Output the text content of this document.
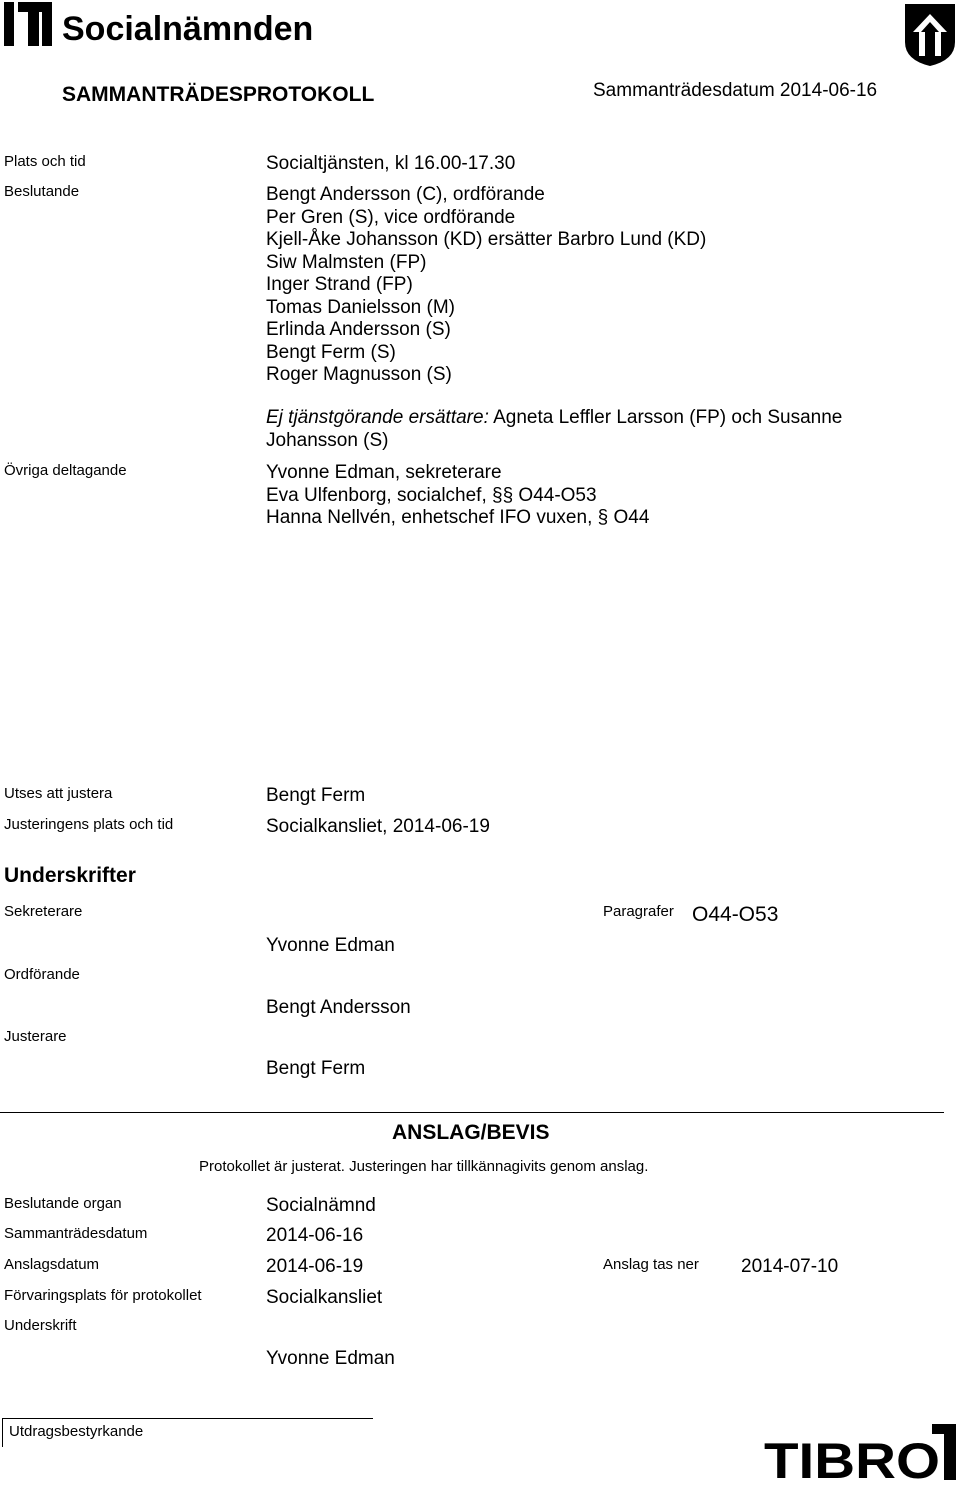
Socialnämnden
SAMMANTRÄDESPROTOKOLL	Sammanträdesdatum 2014-06-16
Plats och tid	Socialtjänsten, kl 16.00-17.30
Beslutande	Bengt Andersson (C), ordförande
Per Gren (S), vice ordförande
Kjell-Åke Johansson (KD) ersätter Barbro Lund (KD)
Siw Malmsten (FP)
Inger Strand (FP)
Tomas Danielsson (M)
Erlinda Andersson (S)
Bengt Ferm (S)
Roger Magnusson (S)
Ej tjänstgörande ersättare: Agneta Leffler Larsson (FP) och Susanne Johansson (S)
Övriga deltagande	Yvonne Edman, sekreterare
Eva Ulfenborg, socialchef, §§ O44-O53
Hanna Nellvén, enhetschef IFO vuxen, § O44
Utses att justera	Bengt Ferm
Justeringens plats och tid	Socialkansliet, 2014-06-19
Underskrifter
Sekreterare	Paragrafer O44-O53
Yvonne Edman
Ordförande
Bengt Andersson
Justerare
Bengt Ferm
ANSLAG/BEVIS
Protokollet är justerat. Justeringen har tillkännagivits genom anslag.
Beslutande organ	Socialnämnd
Sammanträdesdatum	2014-06-16
Anslagsdatum	2014-06-19	Anslag tas ner 2014-07-10
Förvaringsplats för protokollet	Socialkansliet
Underskrift
Yvonne Edman
Utdragsbestyrkande
TIBRO
